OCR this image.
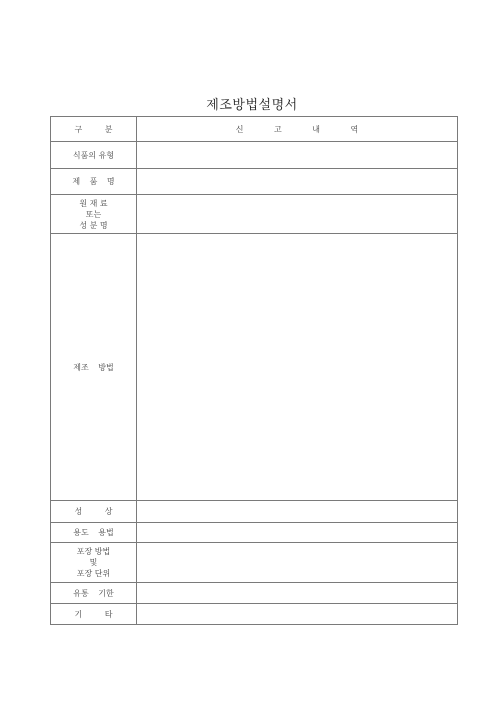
제조방법설명서
구 분	신 고 내 역
식품의 유형	
제 품 명	

원 재 료
또는
성 분 명	

제조 방법	
성 상	
용도 용법	

포장 방법
및
포장 단위	

유통 기한	
기 타	
